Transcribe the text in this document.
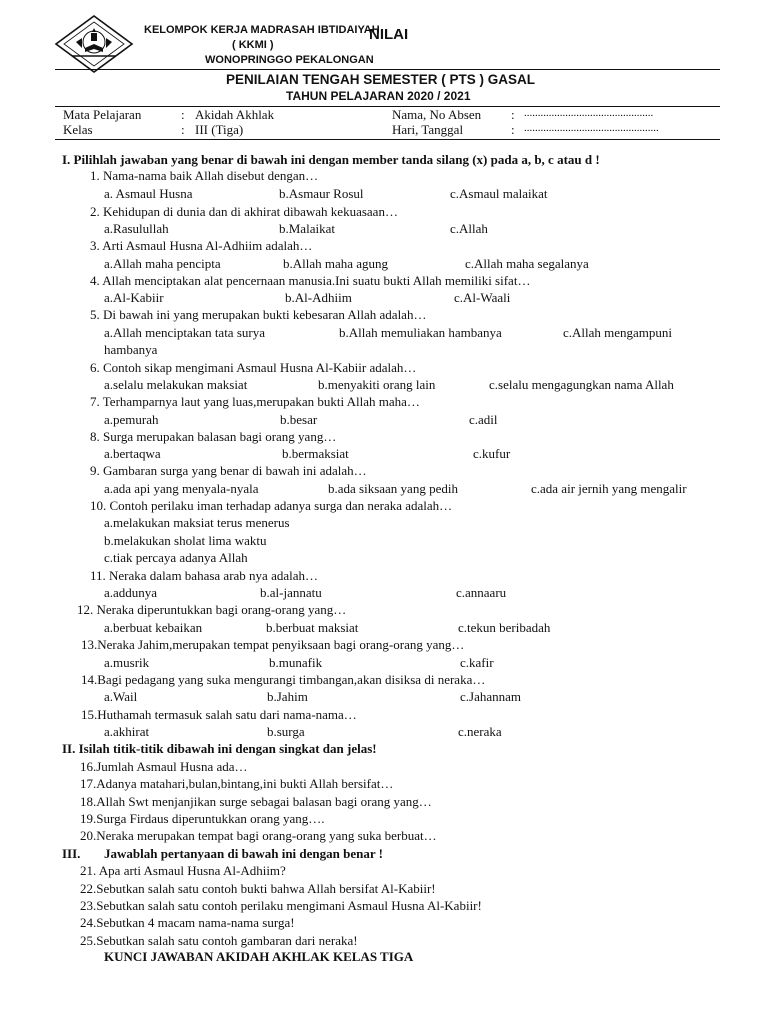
KELOMPOK KERJA MADRASAH IBTIDAIYAH
NILAI
( KKMI )
WONOPRINGGO PEKALONGAN
PENILAIAN TENGAH SEMESTER ( PTS ) GASAL
TAHUN PELAJARAN 2020 / 2021
Mata Pelajaran	: Akidah Akhlak	Nama, No Absen : ...............................................
Kelas	: III (Tiga)	Hari, Tanggal	: .................................................
I. Pilihlah jawaban yang benar di bawah ini dengan member tanda silang (x) pada a, b, c atau d !
1. Nama-nama baik Allah disebut dengan…
a. Asmaul Husna	b.Asmaur Rosul	c.Asmaul malaikat
2. Kehidupan di dunia dan di akhirat dibawah kekuasaan…
a.Rasulullah	b.Malaikat	c.Allah
3. Arti Asmaul Husna Al-Adhiim adalah…
a.Allah maha pencipta	b.Allah maha agung	c.Allah maha segalanya
4. Allah menciptakan alat pencernaan manusia.Ini suatu bukti Allah memiliki sifat…
a.Al-Kabiir	b.Al-Adhiim	c.Al-Waali
5. Di bawah ini yang merupakan bukti kebesaran Allah adalah…
a.Allah menciptakan tata surya	b.Allah memuliakan hambanya	c.Allah mengampuni
hambanya
6. Contoh sikap mengimani Asmaul Husna Al-Kabiir adalah…
a.selalu melakukan maksiat	b.menyakiti orang lain	c.selalu mengagungkan nama Allah
7. Terhamparnya laut yang luas,merupakan bukti Allah maha…
a.pemurah	b.besar	c.adil
8. Surga merupakan balasan bagi orang yang…
a.bertaqwa	b.bermaksiat	c.kufur
9. Gambaran surga yang benar di bawah ini adalah…
a.ada api yang menyala-nyala	b.ada siksaan yang pedih	c.ada air jernih yang mengalir
10. Contoh perilaku iman terhadap adanya surga dan neraka adalah…
a.melakukan maksiat terus menerus
b.melakukan sholat lima waktu
c.tiak percaya adanya Allah
11. Neraka dalam bahasa arab nya adalah…
a.addunya	b.al-jannatu	c.annaaru
12. Neraka diperuntukkan bagi orang-orang yang…
a.berbuat kebaikan	b.berbuat maksiat	c.tekun beribadah
13.Neraka Jahim,merupakan tempat penyiksaan bagi orang-orang yang…
a.musrik	b.munafik	c.kafir
14.Bagi pedagang yang suka mengurangi timbangan,akan disiksa di neraka…
a.Wail	b.Jahim	c.Jahannam
15.Huthamah termasuk salah satu dari nama-nama…
a.akhirat	b.surga	c.neraka
II. Isilah titik-titik dibawah ini dengan singkat dan jelas!
16.Jumlah Asmaul Husna ada…
17.Adanya matahari,bulan,bintang,ini bukti Allah bersifat…
18.Allah Swt menjanjikan surge sebagai balasan bagi orang yang…
19.Surga Firdaus diperuntukkan orang yang….
20.Neraka merupakan tempat bagi orang-orang yang suka berbuat…
III. Jawablah pertanyaan di bawah ini dengan benar !
21. Apa arti Asmaul Husna Al-Adhiim?
22.Sebutkan salah satu contoh bukti bahwa Allah bersifat Al-Kabiir!
23.Sebutkan salah satu contoh perilaku mengimani Asmaul Husna Al-Kabiir!
24.Sebutkan 4 macam nama-nama surga!
25.Sebutkan salah satu contoh gambaran dari neraka!
KUNCI JAWABAN AKIDAH AKHLAK KELAS TIGA
